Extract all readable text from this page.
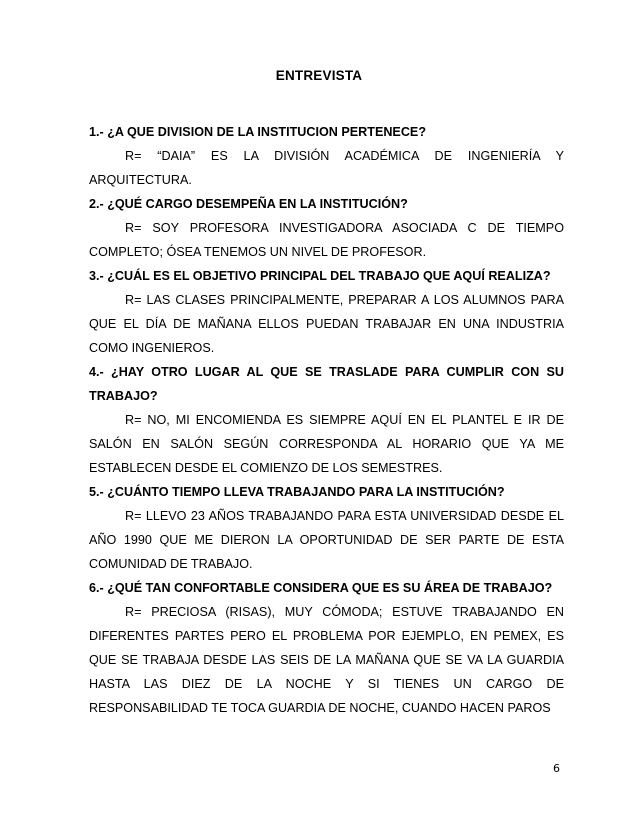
ENTREVISTA

1.- ¿A QUE DIVISION DE LA INSTITUCION PERTENECE?

R= “DAIA” ES LA DIVISIÓN ACADÉMICA DE INGENIERÍA Y ARQUITECTURA.

2.- ¿QUÉ CARGO DESEMPEÑA EN LA INSTITUCIÓN?

R= SOY PROFESORA INVESTIGADORA ASOCIADA C DE TIEMPO COMPLETO; ÓSEA TENEMOS UN NIVEL DE PROFESOR.

3.- ¿CUÁL ES EL OBJETIVO PRINCIPAL DEL TRABAJO QUE AQUÍ REALIZA?

R= LAS CLASES PRINCIPALMENTE, PREPARAR A LOS ALUMNOS PARA QUE EL DÍA DE MAÑANA ELLOS PUEDAN TRABAJAR EN UNA INDUSTRIA COMO INGENIEROS.

4.- ¿HAY OTRO LUGAR AL QUE SE TRASLADE PARA CUMPLIR CON SU TRABAJO?

R= NO, MI ENCOMIENDA ES SIEMPRE AQUÍ EN EL PLANTEL E IR DE SALÓN EN SALÓN SEGÚN CORRESPONDA AL HORARIO QUE YA ME ESTABLECEN DESDE EL COMIENZO DE LOS SEMESTRES.

5.- ¿CUÁNTO TIEMPO LLEVA TRABAJANDO PARA LA INSTITUCIÓN?

R= LLEVO 23 AÑOS TRABAJANDO PARA ESTA UNIVERSIDAD DESDE EL AÑO 1990 QUE ME DIERON LA OPORTUNIDAD DE SER PARTE DE ESTA COMUNIDAD DE TRABAJO.

6.- ¿QUÉ TAN CONFORTABLE CONSIDERA QUE ES SU ÁREA DE TRABAJO?

R= PRECIOSA (RISAS), MUY CÓMODA; ESTUVE TRABAJANDO EN DIFERENTES PARTES PERO EL PROBLEMA POR EJEMPLO, EN PEMEX, ES QUE SE TRABAJA DESDE LAS SEIS DE LA MAÑANA QUE SE VA LA GUARDIA HASTA LAS DIEZ DE LA NOCHE Y SI TIENES UN CARGO DE RESPONSABILIDAD TE TOCA GUARDIA DE NOCHE, CUANDO HACEN PAROS

6
